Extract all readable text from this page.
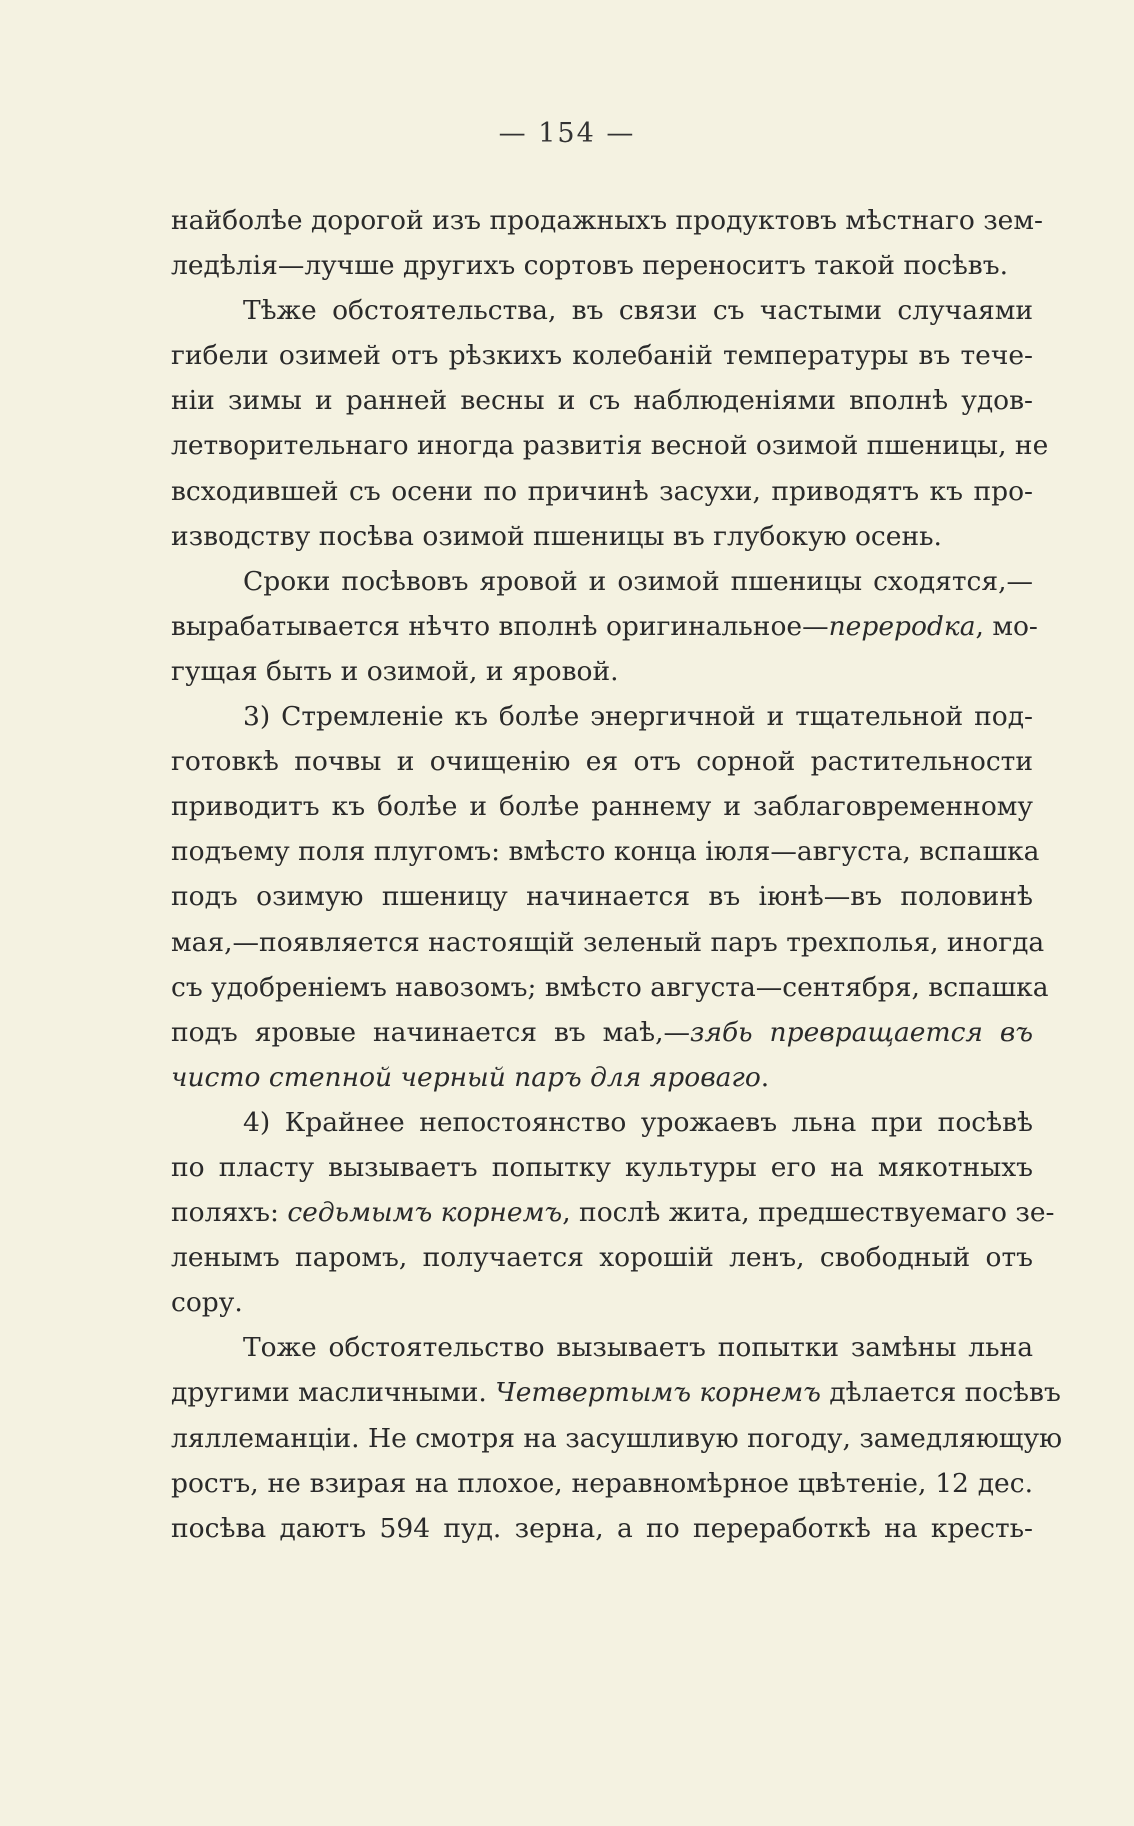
— 154 —
найболѣе дорогой изъ продажныхъ продуктовъ мѣстнаго зем-
ледѣлія—лучше другихъ сортовъ переноситъ такой посѣвъ.
Тѣже обстоятельства, въ связи съ частыми случаями
гибели озимей отъ рѣзкихъ колебаній температуры въ тече-
ніи зимы и ранней весны и съ наблюденіями вполнѣ удов-
летворительнаго иногда развитія весной озимой пшеницы, не
всходившей съ осени по причинѣ засухи, приводятъ къ про-
изводству посѣва озимой пшеницы въ глубокую осень.
Сроки посѣвовъ яровой и озимой пшеницы сходятся,—
вырабатывается нѣчто вполнѣ оригинальное—перерodка, мо-
гущая быть и озимой, и яровой.
3) Стремленіе къ болѣе энергичной и тщательной под-
готовкѣ почвы и очищенію ея отъ сорной растительности
приводитъ къ болѣе и болѣе раннему и заблаговременному
подъему поля плугомъ: вмѣсто конца іюля—августа, вспашка
подъ озимую пшеницу начинается въ іюнѣ—въ половинѣ
мая,—появляется настоящій зеленый паръ трехполья, иногда
съ удобреніемъ навозомъ; вмѣсто августа—сентября, вспашка
подъ яровые начинается въ маѣ,—зябь превращается въ
чисто степной черный паръ для яроваго.
4) Крайнее непостоянство урожаевъ льна при посѣвѣ
по пласту вызываетъ попытку культуры его на мякотныхъ
поляхъ: седьмымъ корнемъ, послѣ жита, предшествуемаго зе-
ленымъ паромъ, получается хорошій ленъ, свободный отъ
сору.
Тоже обстоятельство вызываетъ попытки замѣны льна
другими масличными. Четвертымъ корнемъ дѣлается посѣвъ
ляллеманціи. Не смотря на засушливую погоду, замедляющую
ростъ, не взирая на плохое, неравномѣрное цвѣтеніе, 12 дес.
посѣва даютъ 594 пуд. зерна, а по переработкѣ на кресть-
